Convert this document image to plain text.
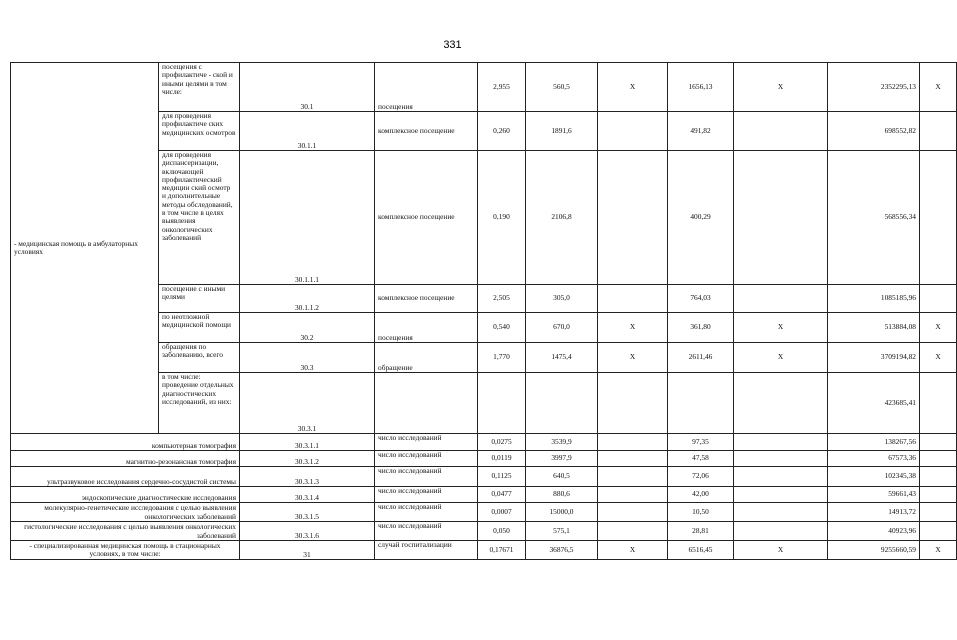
331
- медицинская помощь в амбулаторных условиях	посещения с профилактиче - ской и иными целями в том числе:	30.1	посещения	2,955	560,5	Х	1656,13	Х	2352295,13	Х
	для проведения профилактиче ских медицинских осмотров	30.1.1	комплексное посещение	0,260	1891,6		491,82		698552,82	
	для проведения диспансеризации, включающей профилактический медицин ский осмотр и дополнительные методы обследований, в том числе в целях выявления онкологических заболеваний	30.1.1.1	комплексное посещение	0,190	2106,8		400,29		568556,34	
	посещение с иными целями	30.1.1.2	комплексное посещение	2,505	305,0		764,03		1085185,96	
	по неотложной медицинской помощи	30.2	посещения	0,540	670,0	Х	361,80	Х	513884,08	Х
	обращения по заболеванию, всего	30.3	обращение	1,770	1475,4	Х	2611,46	Х	3709194,82	Х
	в том числе: проведение отдельных диагностических исследований, из них:	30.3.1							423685,41	
компьютерная томография		30.3.1.1	число исследований	0,0275	3539,9		97,35		138267,56	
магнитно-резонансная томография		30.3.1.2	число исследований	0,0119	3997,9		47,58		67573,36	
ультразвуковое исследования сердечно-сосудистой системы		30.3.1.3	число исследований	0,1125	640,5		72,06		102345,38	
эндоскопические диагностические исследования		30.3.1.4	число исследований	0,0477	880,6		42,00		59661,43	
молекулярно-генетические исследования с целью выявления онкологических заболеваний		30.3.1.5	число исследований	0,0007	15000,0		10,50		14913,72	
гистологические исследования с целью выявления онкологических заболеваний		30.3.1.6	число исследований	0,050	575,1		28,81		40923,96	
- специализированная медицинская помощь в стационарных условиях, в том числе:		31	случай госпитализации	0,17671	36876,5	Х	6516,45	Х	9255660,59	Х
